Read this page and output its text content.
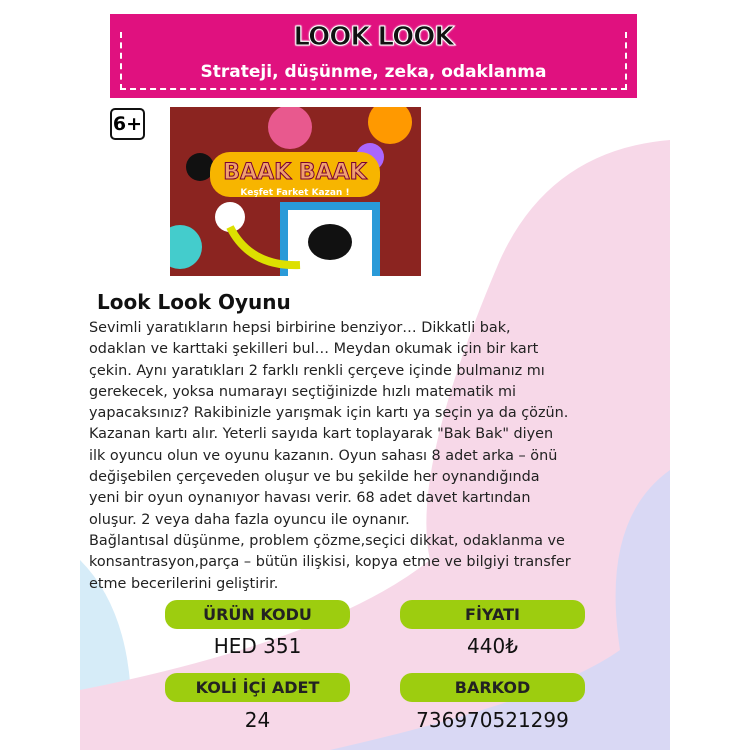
LOOK LOOK
Strateji, düşünme, zeka, odaklanma
6+
BAAK BAAK
Keşfet Farket Kazan !
Look Look Oyunu
Sevimli yaratıkların hepsi birbirine benziyor… Dikkatli bak,
odaklan ve karttaki şekilleri bul… Meydan okumak için bir kart
çekin. Aynı yaratıkları 2 farklı renkli çerçeve içinde bulmanız mı
gerekecek, yoksa numarayı seçtiğinizde hızlı matematik mi
yapacaksınız? Rakibinizle yarışmak için kartı ya seçin ya da çözün.
Kazanan kartı alır. Yeterli sayıda kart toplayarak "Bak Bak" diyen
ilk oyuncu olun ve oyunu kazanın. Oyun sahası 8 adet arka – önü
değişebilen çerçeveden oluşur ve bu şekilde her oynandığında
yeni bir oyun oynanıyor havası verir. 68 adet davet kartından
oluşur. 2 veya daha fazla oyuncu ile oynanır.
Bağlantısal düşünme, problem çözme,seçici dikkat, odaklanma ve
konsantrasyon,parça – bütün ilişkisi, kopya etme ve bilgiyi transfer
etme becerilerini geliştirir.
ÜRÜN KODU
HED 351
FİYATI
440₺
KOLİ İÇİ ADET
24
BARKOD
736970521299
